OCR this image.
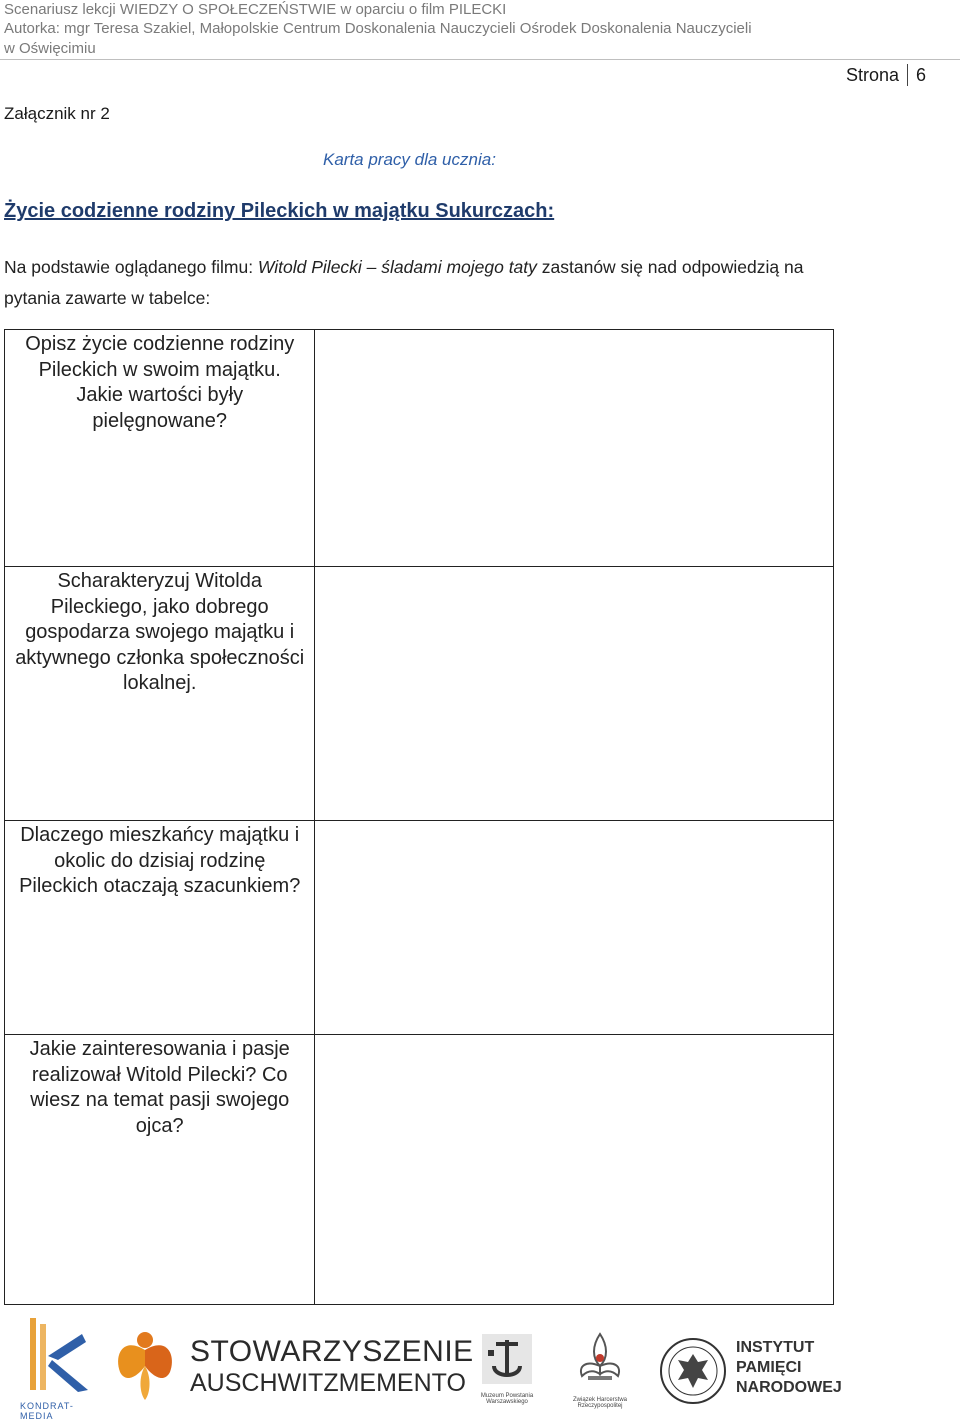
Scenariusz lekcji WIEDZY O SPOŁECZEŃSTWIE w oparciu o film PILECKI
Autorka: mgr Teresa Szakiel, Małopolskie Centrum Doskonalenia Nauczycieli Ośrodek Doskonalenia Nauczycieli
w Oświęcimiu
Strona 6
Załącznik nr 2
Karta pracy dla ucznia:
Życie codzienne rodziny Pileckich w majątku Sukurczach:
Na podstawie oglądanego filmu: Witold Pilecki – śladami mojego taty zastanów się nad odpowiedzią na pytania zawarte w tabelce:
Opisz życie codzienne rodziny Pileckich w swoim majątku. Jakie wartości były pielęgnowane?	
Scharakteryzuj Witolda Pileckiego, jako dobrego gospodarza swojego majątku i aktywnego członka społeczności lokalnej.	
Dlaczego mieszkańcy majątku i okolic do dzisiaj rodzinę Pileckich otaczają szacunkiem?	
Jakie zainteresowania i pasje realizował Witold Pilecki? Co wiesz na temat pasji swojego ojca?	
KONDRAT-MEDIA
STOWARZYSZENIE
AUSCHWITZMEMENTO	Muzeum Powstania Warszawskiego	Związek Harcerstwa Rzeczypospolitej
INSTYTUT
PAMIĘCI
NARODOWEJ
